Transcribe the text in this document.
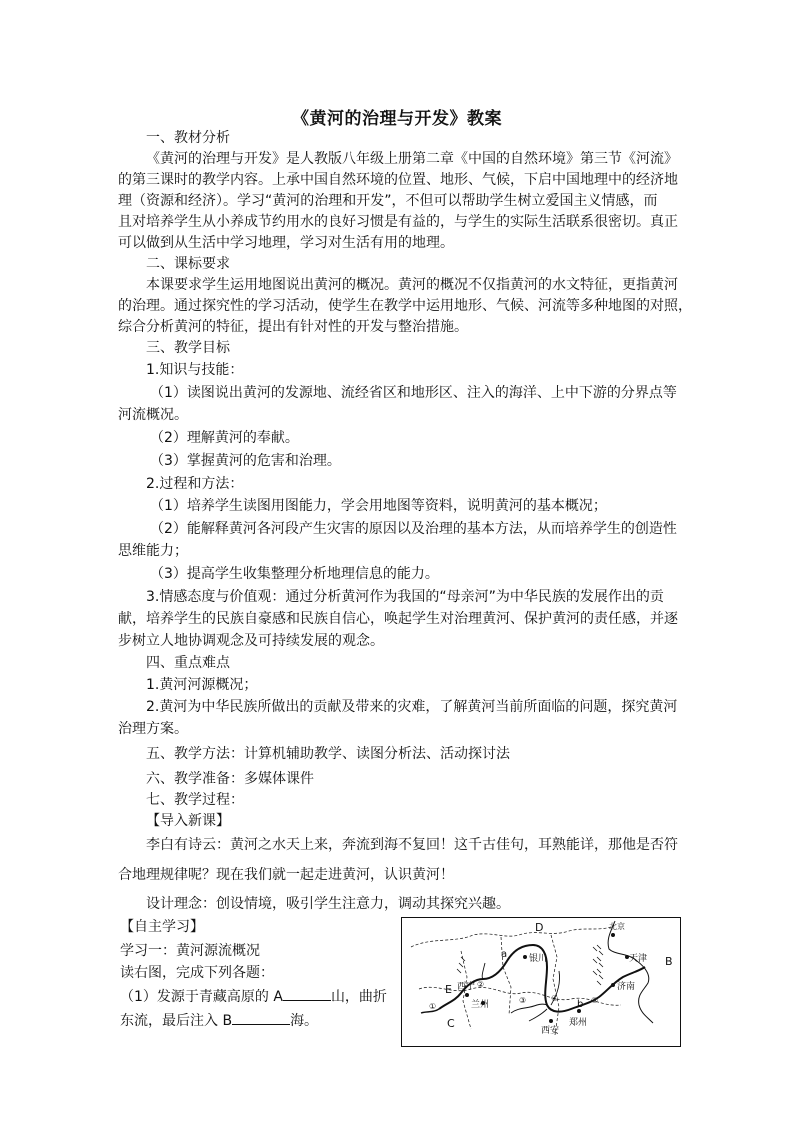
《黄河的治理与开发》教案
一、教材分析
《黄河的治理与开发》是人教版八年级上册第二章《中国的自然环境》第三节《河流》
的第三课时的教学内容。上承中国自然环境的位置、地形、气候，下启中国地理中的经济地
理（资源和经济）。学习“黄河的治理和开发”，不但可以帮助学生树立爱国主义情感，而
且对培养学生从小养成节约用水的良好习惯是有益的，与学生的实际生活联系很密切。真正
可以做到从生活中学习地理，学习对生活有用的地理。
二、课标要求
本课要求学生运用地图说出黄河的概况。黄河的概况不仅指黄河的水文特征，更指黄河
的治理。通过探究性的学习活动，使学生在教学中运用地形、气候、河流等多种地图的对照，
综合分析黄河的特征，提出有针对性的开发与整治措施。
三、教学目标
1.知识与技能：
（1）读图说出黄河的发源地、流经省区和地形区、注入的海洋、上中下游的分界点等
河流概况。
（2）理解黄河的奉献。
（3）掌握黄河的危害和治理。
2.过程和方法：
（1）培养学生读图用图能力，学会用地图等资料，说明黄河的基本概况；
（2）能解释黄河各河段产生灾害的原因以及治理的基本方法，从而培养学生的创造性
思维能力；
（3）提高学生收集整理分析地理信息的能力。
3.情感态度与价值观：通过分析黄河作为我国的“母亲河”为中华民族的发展作出的贡
献，培养学生的民族自豪感和民族自信心，唤起学生对治理黄河、保护黄河的责任感，并逐
步树立人地协调观念及可持续发展的观念。
四、重点难点
1.黄河河源概况；
2.黄河为中华民族所做出的贡献及带来的灾难，了解黄河当前所面临的问题，探究黄河
治理方案。
五、教学方法：计算机辅助教学、读图分析法、活动探讨法
六、教学准备：多媒体课件
七、教学过程：
【导入新课】
李白有诗云：黄河之水天上来，奔流到海不复回！这千古佳句，耳熟能详，那他是否符
合地理规律呢？现在我们就一起走进黄河，认识黄河！
设计理念：创设情境，吸引学生注意力，调动其探究兴趣。
【自主学习】
学习一：黄河源流概况
读右图，完成下列各题：
（1）发源于青藏高原的 A	山，曲折
东流，最后注入 B	海。
D
a 银川
北京
天津 B
E 西宁
兰州
济南
西安
郑州
b
①
②
③	④	⑤
C
